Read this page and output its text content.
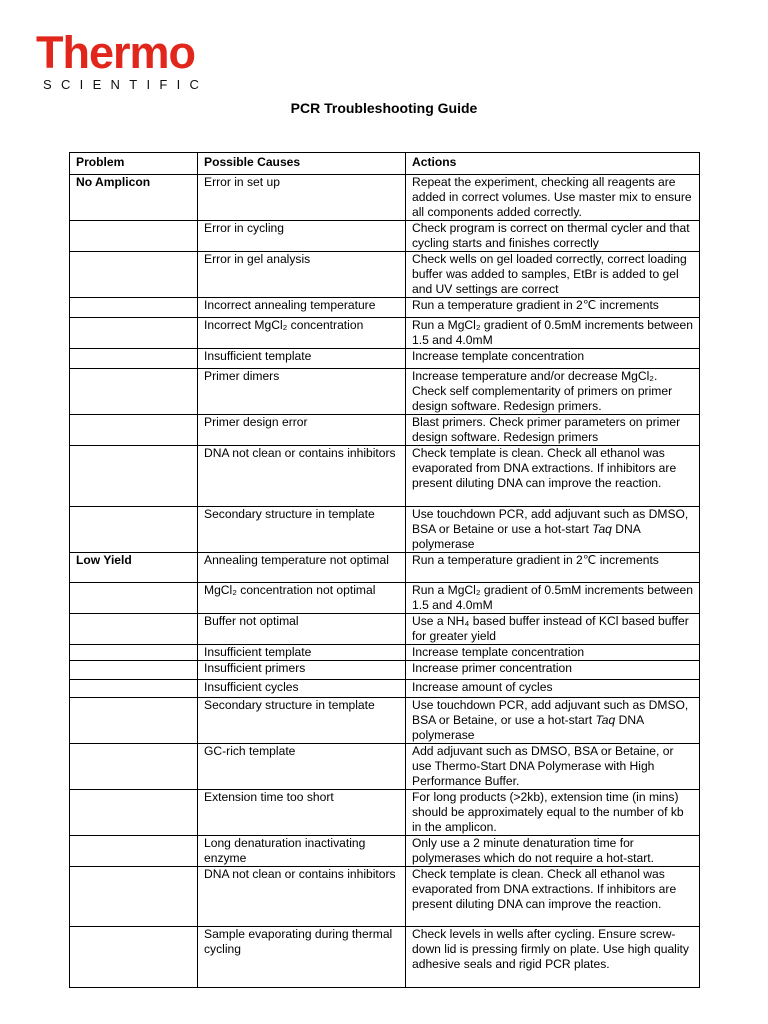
Thermo
SCIENTIFIC
PCR Troubleshooting Guide
Problem	Possible Causes	Actions
No Amplicon	Error in set up	Repeat the experiment, checking all reagents are added in correct volumes. Use master mix to ensure all components added correctly.
	Error in cycling	Check program is correct on thermal cycler and that cycling starts and finishes correctly
	Error in gel analysis	Check wells on gel loaded correctly, correct loading buffer was added to samples, EtBr is added to gel and UV settings are correct
	Incorrect annealing temperature	Run a temperature gradient in 2℃ increments
	Incorrect MgCl₂ concentration	Run a MgCl₂ gradient of 0.5mM increments between 1.5 and 4.0mM
	Insufficient template	Increase template concentration
	Primer dimers	Increase temperature and/or decrease MgCl₂. Check self complementarity of primers on primer design software. Redesign primers.
	Primer design error	Blast primers. Check primer parameters on primer design software. Redesign primers
	DNA not clean or contains inhibitors	Check template is clean. Check all ethanol was evaporated from DNA extractions. If inhibitors are present diluting DNA can improve the reaction.
	Secondary structure in template	Use touchdown PCR, add adjuvant such as DMSO, BSA or Betaine or use a hot-start Taq DNA polymerase
Low Yield	Annealing temperature not optimal	Run a temperature gradient in 2℃ increments
	MgCl₂ concentration not optimal	Run a MgCl₂ gradient of 0.5mM increments between 1.5 and 4.0mM
	Buffer not optimal	Use a NH₄ based buffer instead of KCl based buffer for greater yield
	Insufficient template	Increase template concentration
	Insufficient primers	Increase primer concentration
	Insufficient cycles	Increase amount of cycles
	Secondary structure in template	Use touchdown PCR, add adjuvant such as DMSO, BSA or Betaine, or use a hot-start Taq DNA polymerase
	GC-rich template	Add adjuvant such as DMSO, BSA or Betaine, or use Thermo-Start DNA Polymerase with High Performance Buffer.
	Extension time too short	For long products (>2kb), extension time (in mins) should be approximately equal to the number of kb in the amplicon.
	Long denaturation inactivating enzyme	Only use a 2 minute denaturation time for polymerases which do not require a hot-start.
	DNA not clean or contains inhibitors	Check template is clean. Check all ethanol was evaporated from DNA extractions. If inhibitors are present diluting DNA can improve the reaction.
	Sample evaporating during thermal cycling	Check levels in wells after cycling. Ensure screw-down lid is pressing firmly on plate. Use high quality adhesive seals and rigid PCR plates.
